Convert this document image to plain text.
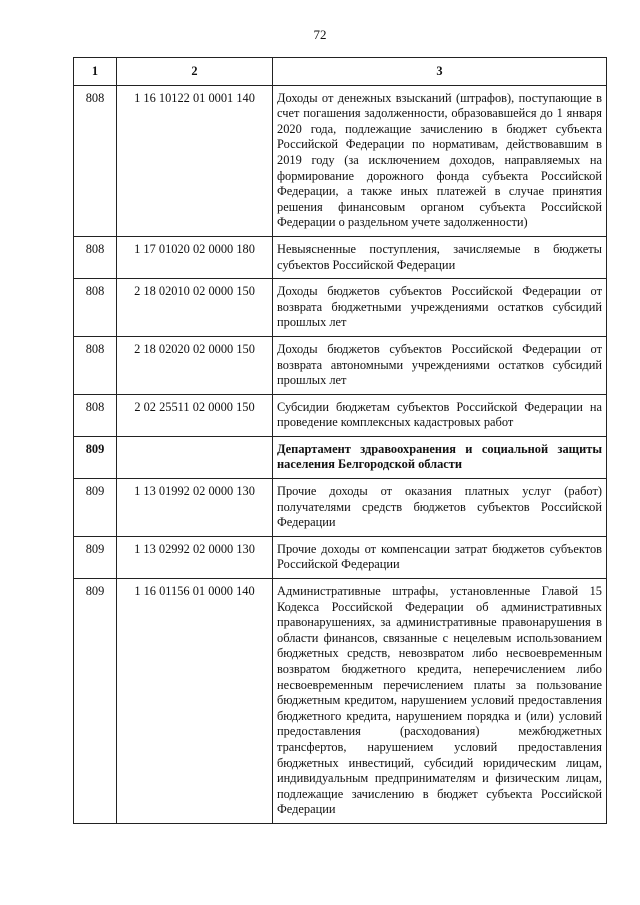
72
1	2	3
808	1 16 10122 01 0001 140	Доходы от денежных взысканий (штрафов), поступающие в счет погашения задолженности, образовавшейся до 1 января 2020 года, подлежащие зачислению в бюджет субъекта Российской Федерации по нормативам, действовавшим в 2019 году (за исключением доходов, направляемых на формирование дорожного фонда субъекта Российской Федерации, а также иных платежей в случае принятия решения финансовым органом субъекта Российской Федерации о раздельном учете задолженности)
808	1 17 01020 02 0000 180	Невыясненные поступления, зачисляемые в бюджеты субъектов Российской Федерации
808	2 18 02010 02 0000 150	Доходы бюджетов субъектов Российской Федерации от возврата бюджетными учреждениями остатков субсидий прошлых лет
808	2 18 02020 02 0000 150	Доходы бюджетов субъектов Российской Федерации от возврата автономными учреждениями остатков субсидий прошлых лет
808	2 02 25511 02 0000 150	Субсидии бюджетам субъектов Российской Федерации на проведение комплексных кадастровых работ
809		Департамент здравоохранения и социальной защиты населения Белгородской области
809	1 13 01992 02 0000 130	Прочие доходы от оказания платных услуг (работ) получателями средств бюджетов субъектов Российской Федерации
809	1 13 02992 02 0000 130	Прочие доходы от компенсации затрат бюджетов субъектов Российской Федерации
809	1 16 01156 01 0000 140	Административные штрафы, установленные Главой 15 Кодекса Российской Федерации об административных правонарушениях, за административные правонарушения в области финансов, связанные с нецелевым использованием бюджетных средств, невозвратом либо несвоевременным возвратом бюджетного кредита, неперечислением либо несвоевременным перечислением платы за пользование бюджетным кредитом, нарушением условий предоставления бюджетного кредита, нарушением порядка и (или) условий предоставления (расходования) межбюджетных трансфертов, нарушением условий предоставления бюджетных инвестиций, субсидий юридическим лицам, индивидуальным предпринимателям и физическим лицам, подлежащие зачислению в бюджет субъекта Российской Федерации
